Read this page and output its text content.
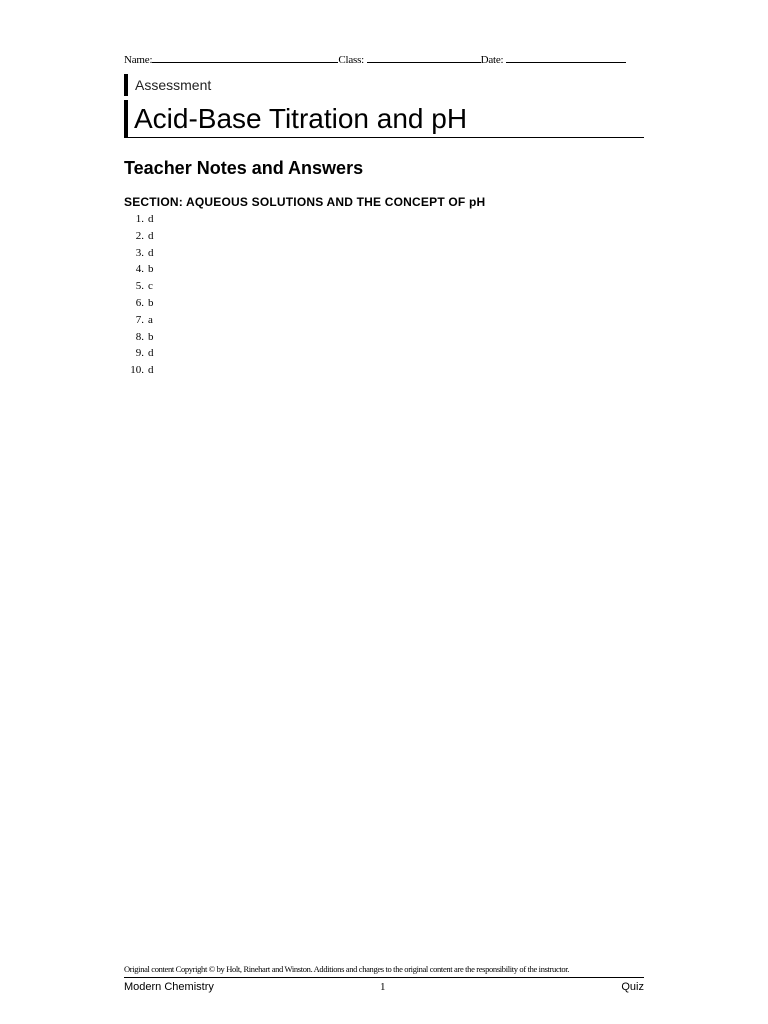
Name:	Class:	Date:
Assessment
Acid-Base Titration and pH
Teacher Notes and Answers
SECTION: AQUEOUS SOLUTIONS AND THE CONCEPT OF pH
1. d
2. d
3. d
4. b
5. c
6. b
7. a
8. b
9. d
10. d
Original content Copyright © by Holt, Rinehart and Winston. Additions and changes to the original content are the responsibility of the instructor.
Modern Chemistry	1	Quiz
